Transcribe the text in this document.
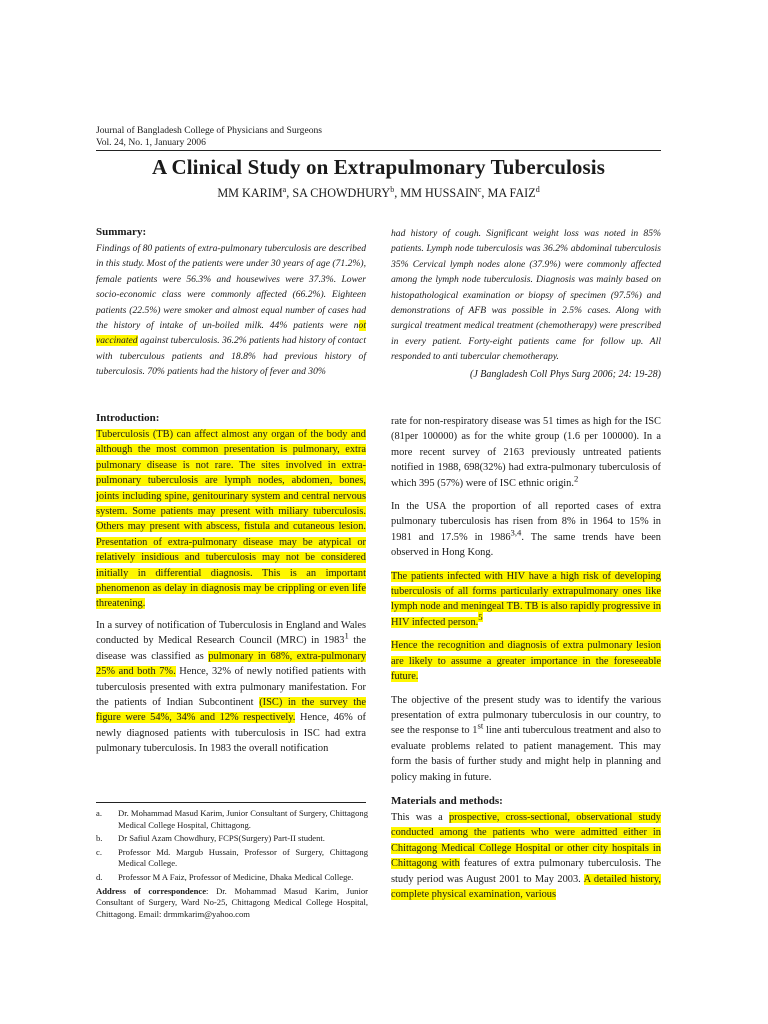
Journal of Bangladesh College of Physicians and Surgeons
Vol. 24, No. 1, January 2006
A Clinical Study on Extrapulmonary Tuberculosis
MM KARIM$^a$, SA CHOWDHURY$^b$, MM HUSSAIN$^c$, MA FAIZ$^d$
Summary:

Findings of 80 patients of extra-pulmonary tuberculosis are described in this study. Most of the patients were under 30 years of age (71.2%), female patients were 56.3% and housewives were 37.3%. Lower socio-economic class were commonly affected (66.2%). Eighteen patients (22.5%) were smoker and almost equal number of cases had the history of intake of un-boiled milk. 44% patients were not vaccinated against tuberculosis. 36.2% patients had history of contact with tuberculous patients and 18.8% had previous history of tuberculosis. 70% patients had the history of fever and 30%

had history of cough. Significant weight loss was noted in 85% patients. Lymph node tuberculosis was 36.2% abdominal tuberculosis 35% Cervical lymph nodes alone (37.9%) were commonly affected among the lymph node tuberculosis. Diagnosis was mainly based on histopathological examination or biopsy of specimen (97.5%) and demonstrations of AFB was possible in 2.5% cases. Along with surgical treatment medical treatment (chemotherapy) were prescribed in every patient. Forty-eight patients came for follow up. All responded to anti tubercular chemotherapy.

(J Bangladesh Coll Phys Surg 2006; 24: 19-28)

Introduction:

Tuberculosis (TB) can affect almost any organ of the body and although the most common presentation is pulmonary, extra pulmonary disease is not rare. The sites involved in extra-pulmonary tuberculosis are lymph nodes, abdomen, bones, joints including spine, genitourinary system and central nervous system. Some patients may present with miliary tuberculosis. Others may present with abscess, fistula and cutaneous lesion. Presentation of extra-pulmonary disease may be atypical or relatively insidious and tuberculosis may not be considered initially in differential diagnosis. This is an important phenomenon as delay in diagnosis may be crippling or even life threatening.

In a survey of notification of Tuberculosis in England and Wales conducted by Medical Research Council (MRC) in 1983$^1$ the disease was classified as pulmonary in 68%, extra-pulmonary 25% and both 7%. Hence, 32% of newly notified patients with tuberculosis presented with extra pulmonary manifestation. For the patients of Indian Subcontinent (ISC) in the survey the figure were 54%, 34% and 12% respectively. Hence, 46% of newly diagnosed patients with tuberculosis in ISC had extra pulmonary tuberculosis. In 1983 the overall notification

rate for non-respiratory disease was 51 times as high for the ISC (81per 100000) as for the white group (1.6 per 100000). In a more recent survey of 2163 previously untreated patients notified in 1988, 698(32%) had extra-pulmonary tuberculosis of which 395 (57%) were of ISC ethnic origin.$^2$

In the USA the proportion of all reported cases of extra pulmonary tuberculosis has risen from 8% in 1964 to 15% in 1981 and 17.5% in 1986$^{3,4}$. The same trends have been observed in Hong Kong.

The patients infected with HIV have a high risk of developing tuberculosis of all forms particularly extrapulmonary ones like lymph node and meningeal TB. TB is also rapidly progressive in HIV infected person.$^5$

Hence the recognition and diagnosis of extra pulmonary lesion are likely to assume a greater importance in the foreseeable future.

The objective of the present study was to identify the various presentation of extra pulmonary tuberculosis in our country, to see the response to 1st line anti tuberculous treatment and also to evaluate problems related to patient management. This may form the basis of further study and might help in planning and policy making in future.

Materials and methods:

This was a prospective, cross-sectional, observational study conducted among the patients who were admitted either in Chittagong Medical College Hospital or other city hospitals in Chittagong with features of extra pulmonary tuberculosis. The study period was August 2001 to May 2003. A detailed history, complete physical examination, various

a.	Dr. Mohammad Masud Karim, Junior Consultant of Surgery, Chittagong Medical College Hospital, Chittagong.
b.	Dr Safiul Azam Chowdhury, FCPS(Surgery) Part-II student.
c.	Professor Md. Margub Hussain, Professor of Surgery, Chittagong Medical College.
d.	Professor M A Faiz, Professor of Medicine, Dhaka Medical College.
Address of correspondence: Dr. Mohammad Masud Karim, Junior Consultant of Surgery, Ward No-25, Chittagong Medical College Hospital, Chittagong. Email: drmmkarim@yahoo.com
